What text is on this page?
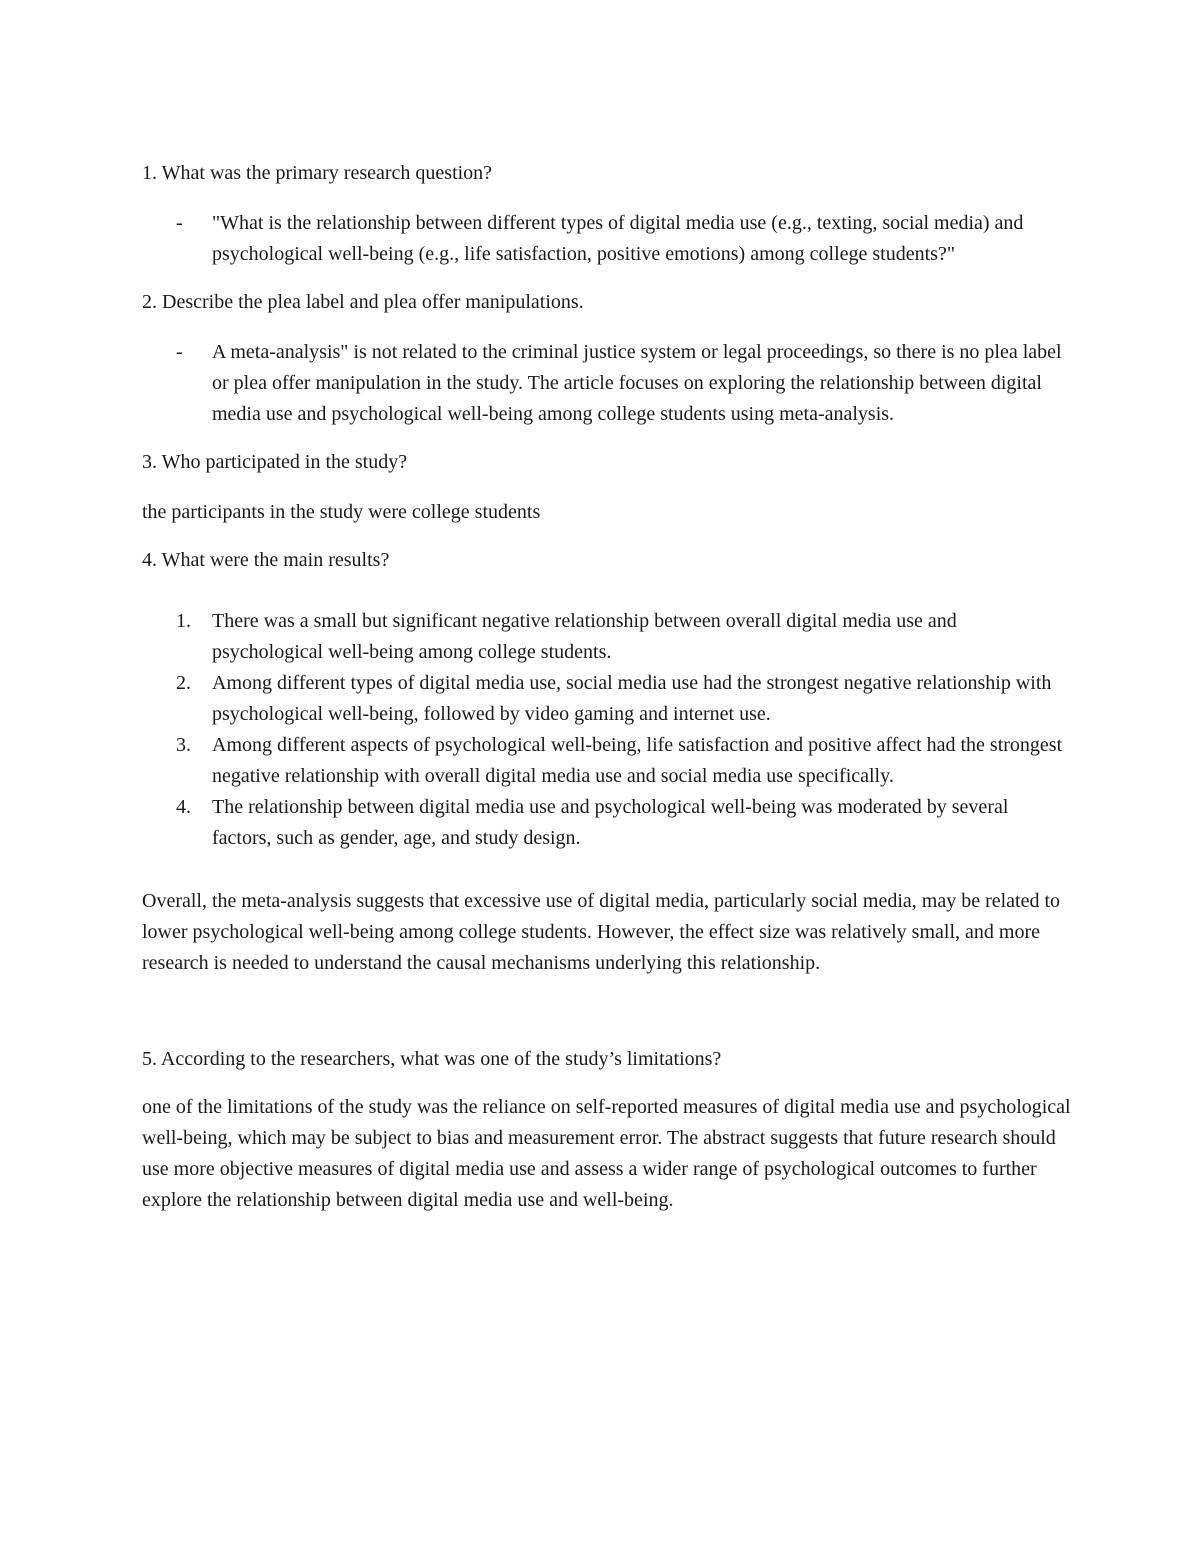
1. What was the primary research question?

- "What is the relationship between different types of digital media use (e.g., texting, social media) and psychological well-being (e.g., life satisfaction, positive emotions) among college students?"

2. Describe the plea label and plea offer manipulations.

- A meta-analysis" is not related to the criminal justice system or legal proceedings, so there is no plea label or plea offer manipulation in the study. The article focuses on exploring the relationship between digital media use and psychological well-being among college students using meta-analysis.

3. Who participated in the study?

the participants in the study were college students

4. What were the main results?

1. There was a small but significant negative relationship between overall digital media use and psychological well-being among college students.
2. Among different types of digital media use, social media use had the strongest negative relationship with psychological well-being, followed by video gaming and internet use.
3. Among different aspects of psychological well-being, life satisfaction and positive affect had the strongest negative relationship with overall digital media use and social media use specifically.
4. The relationship between digital media use and psychological well-being was moderated by several factors, such as gender, age, and study design.

Overall, the meta-analysis suggests that excessive use of digital media, particularly social media, may be related to lower psychological well-being among college students. However, the effect size was relatively small, and more research is needed to understand the causal mechanisms underlying this relationship.

5. According to the researchers, what was one of the study’s limitations?

one of the limitations of the study was the reliance on self-reported measures of digital media use and psychological well-being, which may be subject to bias and measurement error. The abstract suggests that future research should use more objective measures of digital media use and assess a wider range of psychological outcomes to further explore the relationship between digital media use and well-being.
